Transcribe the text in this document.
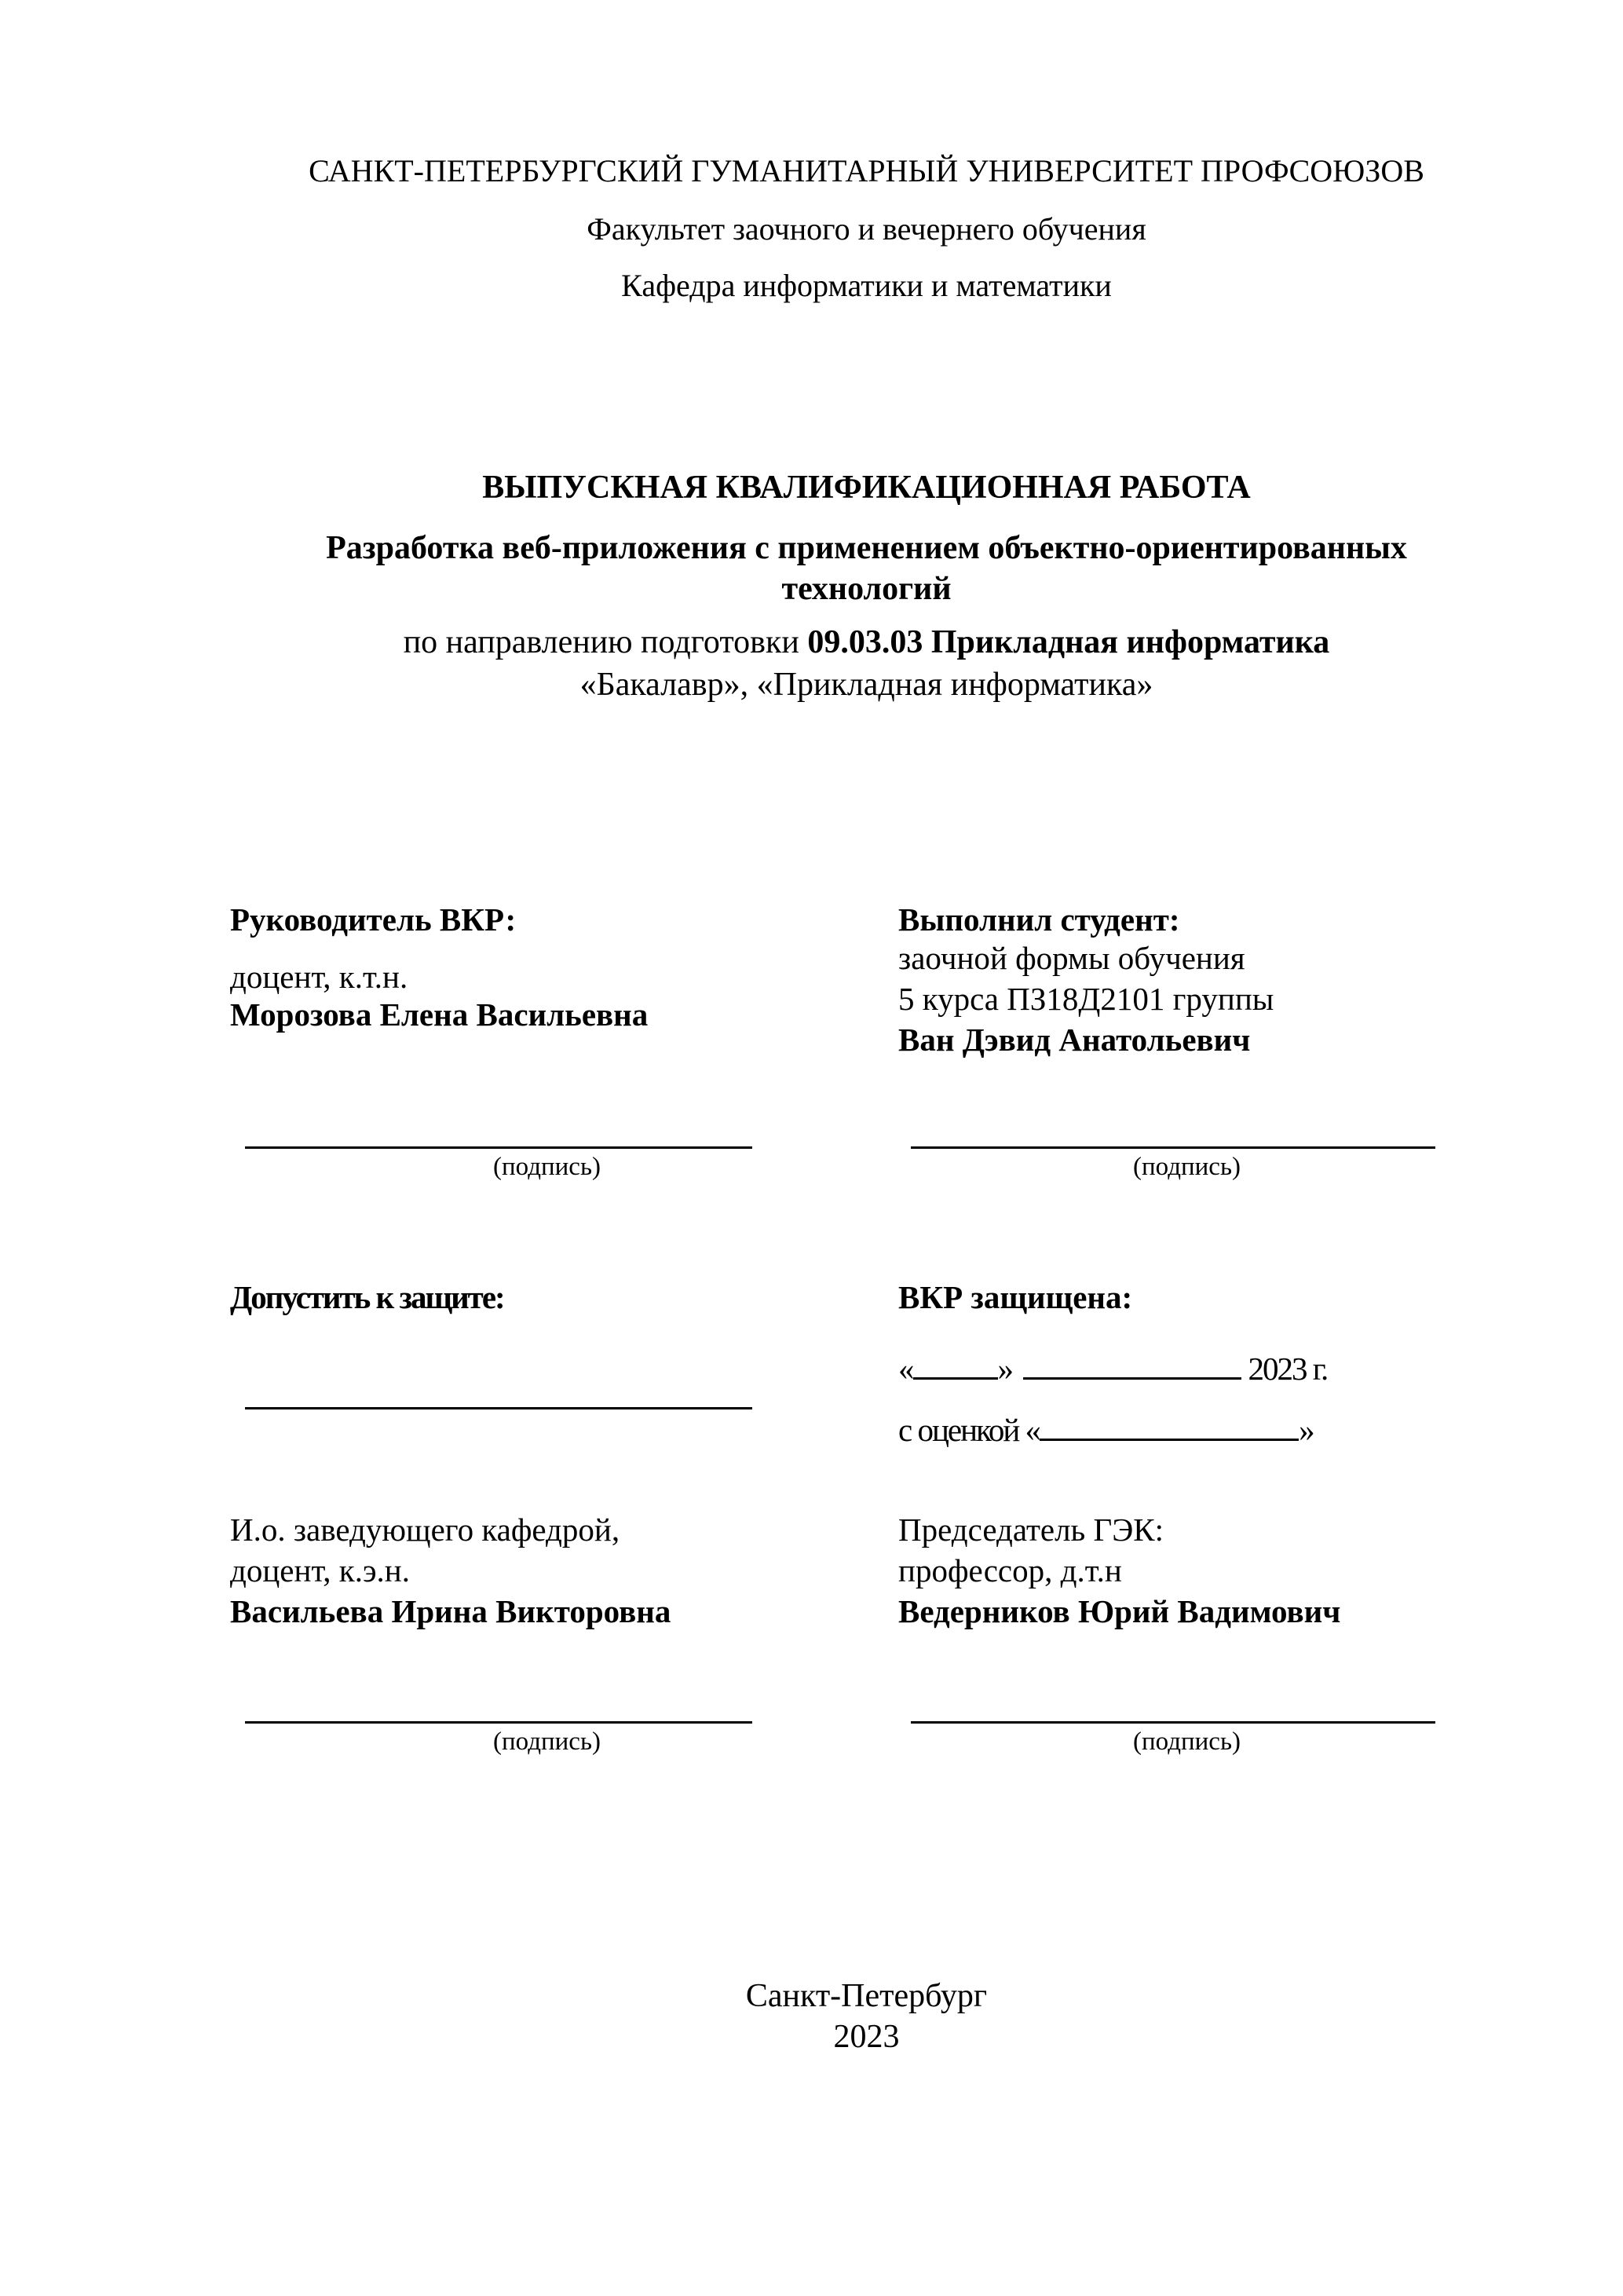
САНКТ-ПЕТЕРБУРГСКИЙ ГУМАНИТАРНЫЙ УНИВЕРСИТЕТ ПРОФСОЮЗОВ
Факультет заочного и вечернего обучения
Кафедра информатики и математики
ВЫПУСКНАЯ КВАЛИФИКАЦИОННАЯ РАБОТА
Разработка веб-приложения с применением объектно-ориентированных
технологий
по направлению подготовки 09.03.03 Прикладная информатика
«Бакалавр», «Прикладная информатика»
Руководитель ВКР:
доцент, к.т.н.
Морозова Елена Васильевна
(подпись)
Выполнил студент:
заочной формы обучения
5 курса ПЗ18Д2101 группы
Ван Дэвид Анатольевич
(подпись)
Допустить к защите:	ВКР защищена:
«	»	2023 г.
с оценкой «	»
И.о. заведующего кафедрой,
доцент, к.э.н.
Васильева Ирина Викторовна
(подпись)
Председатель ГЭК:
профессор, д.т.н
Ведерников Юрий Вадимович
(подпись)
Санкт-Петербург
2023
